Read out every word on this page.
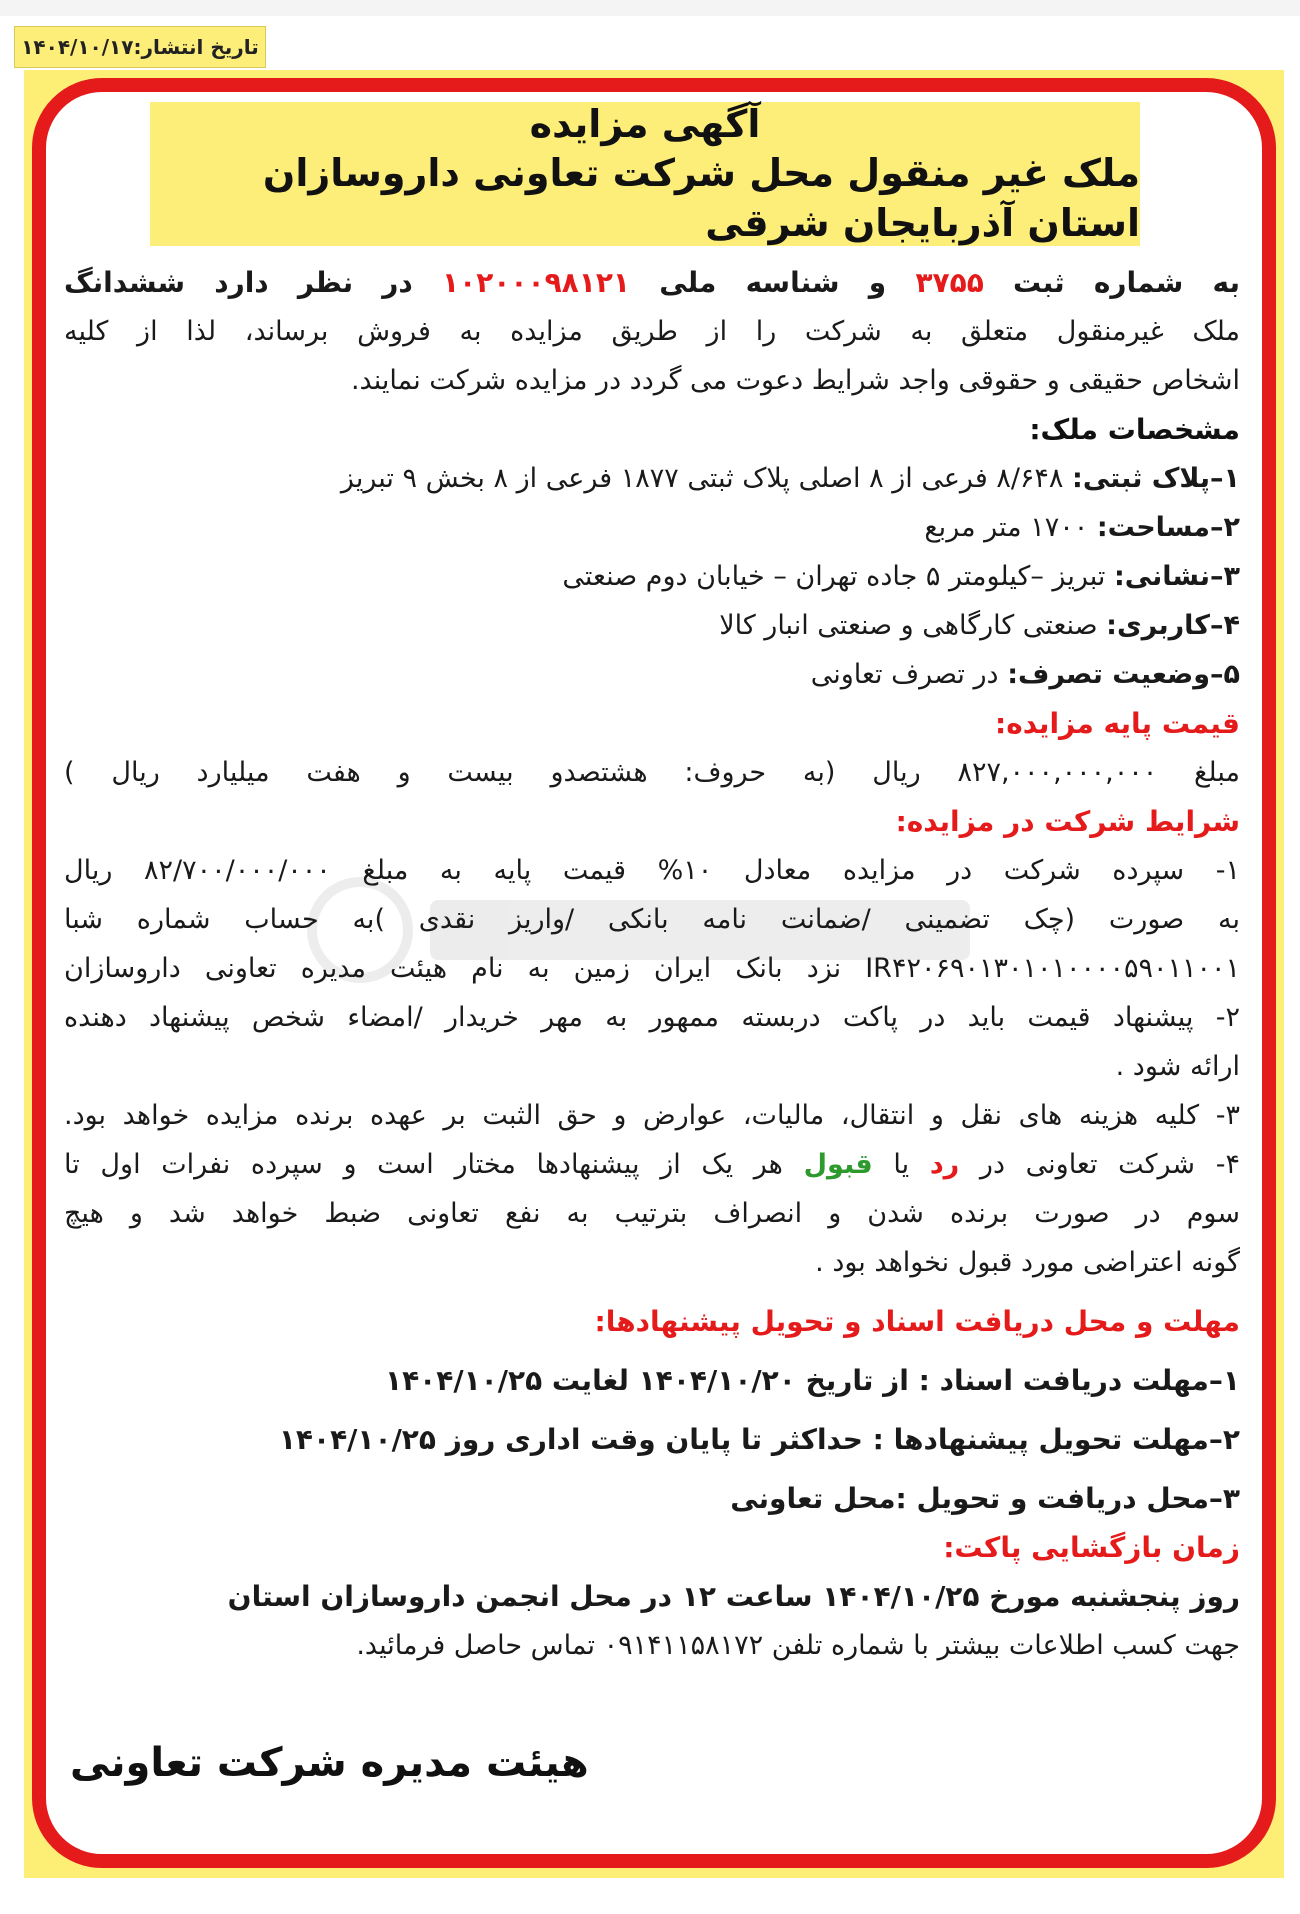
تاریخ انتشار:
۱۴۰۴/۱۰/۱۷
آگهی مزایده
ملک غیر منقول محل شرکت تعاونی داروسازان استان آذربایجان شرقی

به شماره ثبت ۳۷۵۵ و شناسه ملی ۱۰۲۰۰۰۹۸۱۲۱ در نظر دارد ششدانگ

ملک غیرمنقول متعلق به شرکت را از طریق مزایده به فروش برساند، لذا از کلیه

اشخاص حقیقی و حقوقی واجد شرایط دعوت می گردد در مزایده شرکت نمایند.

مشخصات ملک:

۱–پلاک ثبتی: ۸/۶۴۸ فرعی از ۸ اصلی پلاک ثبتی ۱۸۷۷ فرعی از ۸ بخش ۹ تبریز

۲–مساحت: ۱۷۰۰ متر مربع

۳–نشانی: تبریز –کیلومتر ۵ جاده تهران – خیابان دوم صنعتی

۴–کاربری: صنعتی کارگاهی و صنعتی انبار کالا

۵–وضعیت تصرف: در تصرف تعاونی

قیمت پایه مزایده:

مبلغ ۸۲۷,۰۰۰,۰۰۰,۰۰۰ ریال (به حروف: هشتصدو بیست و هفت میلیارد ریال )

شرایط شرکت در مزایده:

۱- سپرده شرکت در مزایده معادل ۱۰% قیمت پایه به مبلغ ۸۲/۷۰۰/۰۰۰/۰۰۰ ریال

به صورت (چک تضمینی /ضمانت نامه بانکی /واریز نقدی )به حساب شماره شبا

IR۴۲۰۶۹۰۱۳۰۱۰۱۰۰۰۰۵۹۰۱۱۰۰۱ نزد بانک ایران زمین به نام هیئت مدیره تعاونی داروسازان

۲- پیشنهاد قیمت باید در پاکت دربسته ممهور به مهر خریدار /امضاء شخص پیشنهاد دهنده

ارائه شود .

۳- کلیه هزینه های نقل و انتقال، مالیات، عوارض و حق الثبت بر عهده برنده مزایده خواهد بود.

۴- شرکت تعاونی در رد یا قبول هر یک از پیشنهادها مختار است و سپرده نفرات اول تا

سوم در صورت برنده شدن و انصراف بترتیب به نفع تعاونی ضبط خواهد شد و هیچ

گونه اعتراضی مورد قبول نخواهد بود .

مهلت و محل دریافت اسناد و تحویل پیشنهادها:

۱–مهلت دریافت اسناد : از تاریخ ۱۴۰۴/۱۰/۲۰ لغایت ۱۴۰۴/۱۰/۲۵

۲–مهلت تحویل پیشنهادها : حداکثر تا پایان وقت اداری روز ۱۴۰۴/۱۰/۲۵

۳–محل دریافت و تحویل :محل تعاونی

زمان بازگشایی پاکت:

روز پنجشنبه مورخ ۱۴۰۴/۱۰/۲۵ ساعت ۱۲ در محل انجمن داروسازان استان

جهت کسب اطلاعات بیشتر با شماره تلفن ۰۹۱۴۱۱۵۸۱۷۲ تماس حاصل فرمائید.

هیئت مدیره شرکت تعاونی
